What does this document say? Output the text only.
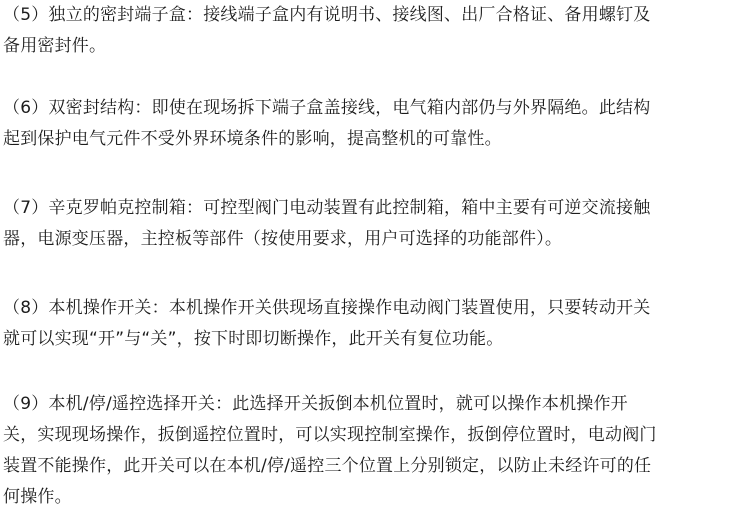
（5）独立的密封端子盒：接线端子盒内有说明书、接线图、出厂合格证、备用螺钉及
备用密封件。
（6）双密封结构：即使在现场拆下端子盒盖接线，电气箱内部仍与外界隔绝。此结构
起到保护电气元件不受外界环境条件的影响，提高整机的可靠性。
（7）辛克罗帕克控制箱：可控型阀门电动装置有此控制箱，箱中主要有可逆交流接触
器，电源变压器，主控板等部件（按使用要求，用户可选择的功能部件）。
（8）本机操作开关：本机操作开关供现场直接操作电动阀门装置使用，只要转动开关
就可以实现“开”与“关”，按下时即切断操作，此开关有复位功能。
（9）本机/停/遥控选择开关：此选择开关扳倒本机位置时，就可以操作本机操作开
关，实现现场操作，扳倒遥控位置时，可以实现控制室操作，扳倒停位置时，电动阀门
装置不能操作，此开关可以在本机/停/遥控三个位置上分别锁定，以防止未经许可的任
何操作。
